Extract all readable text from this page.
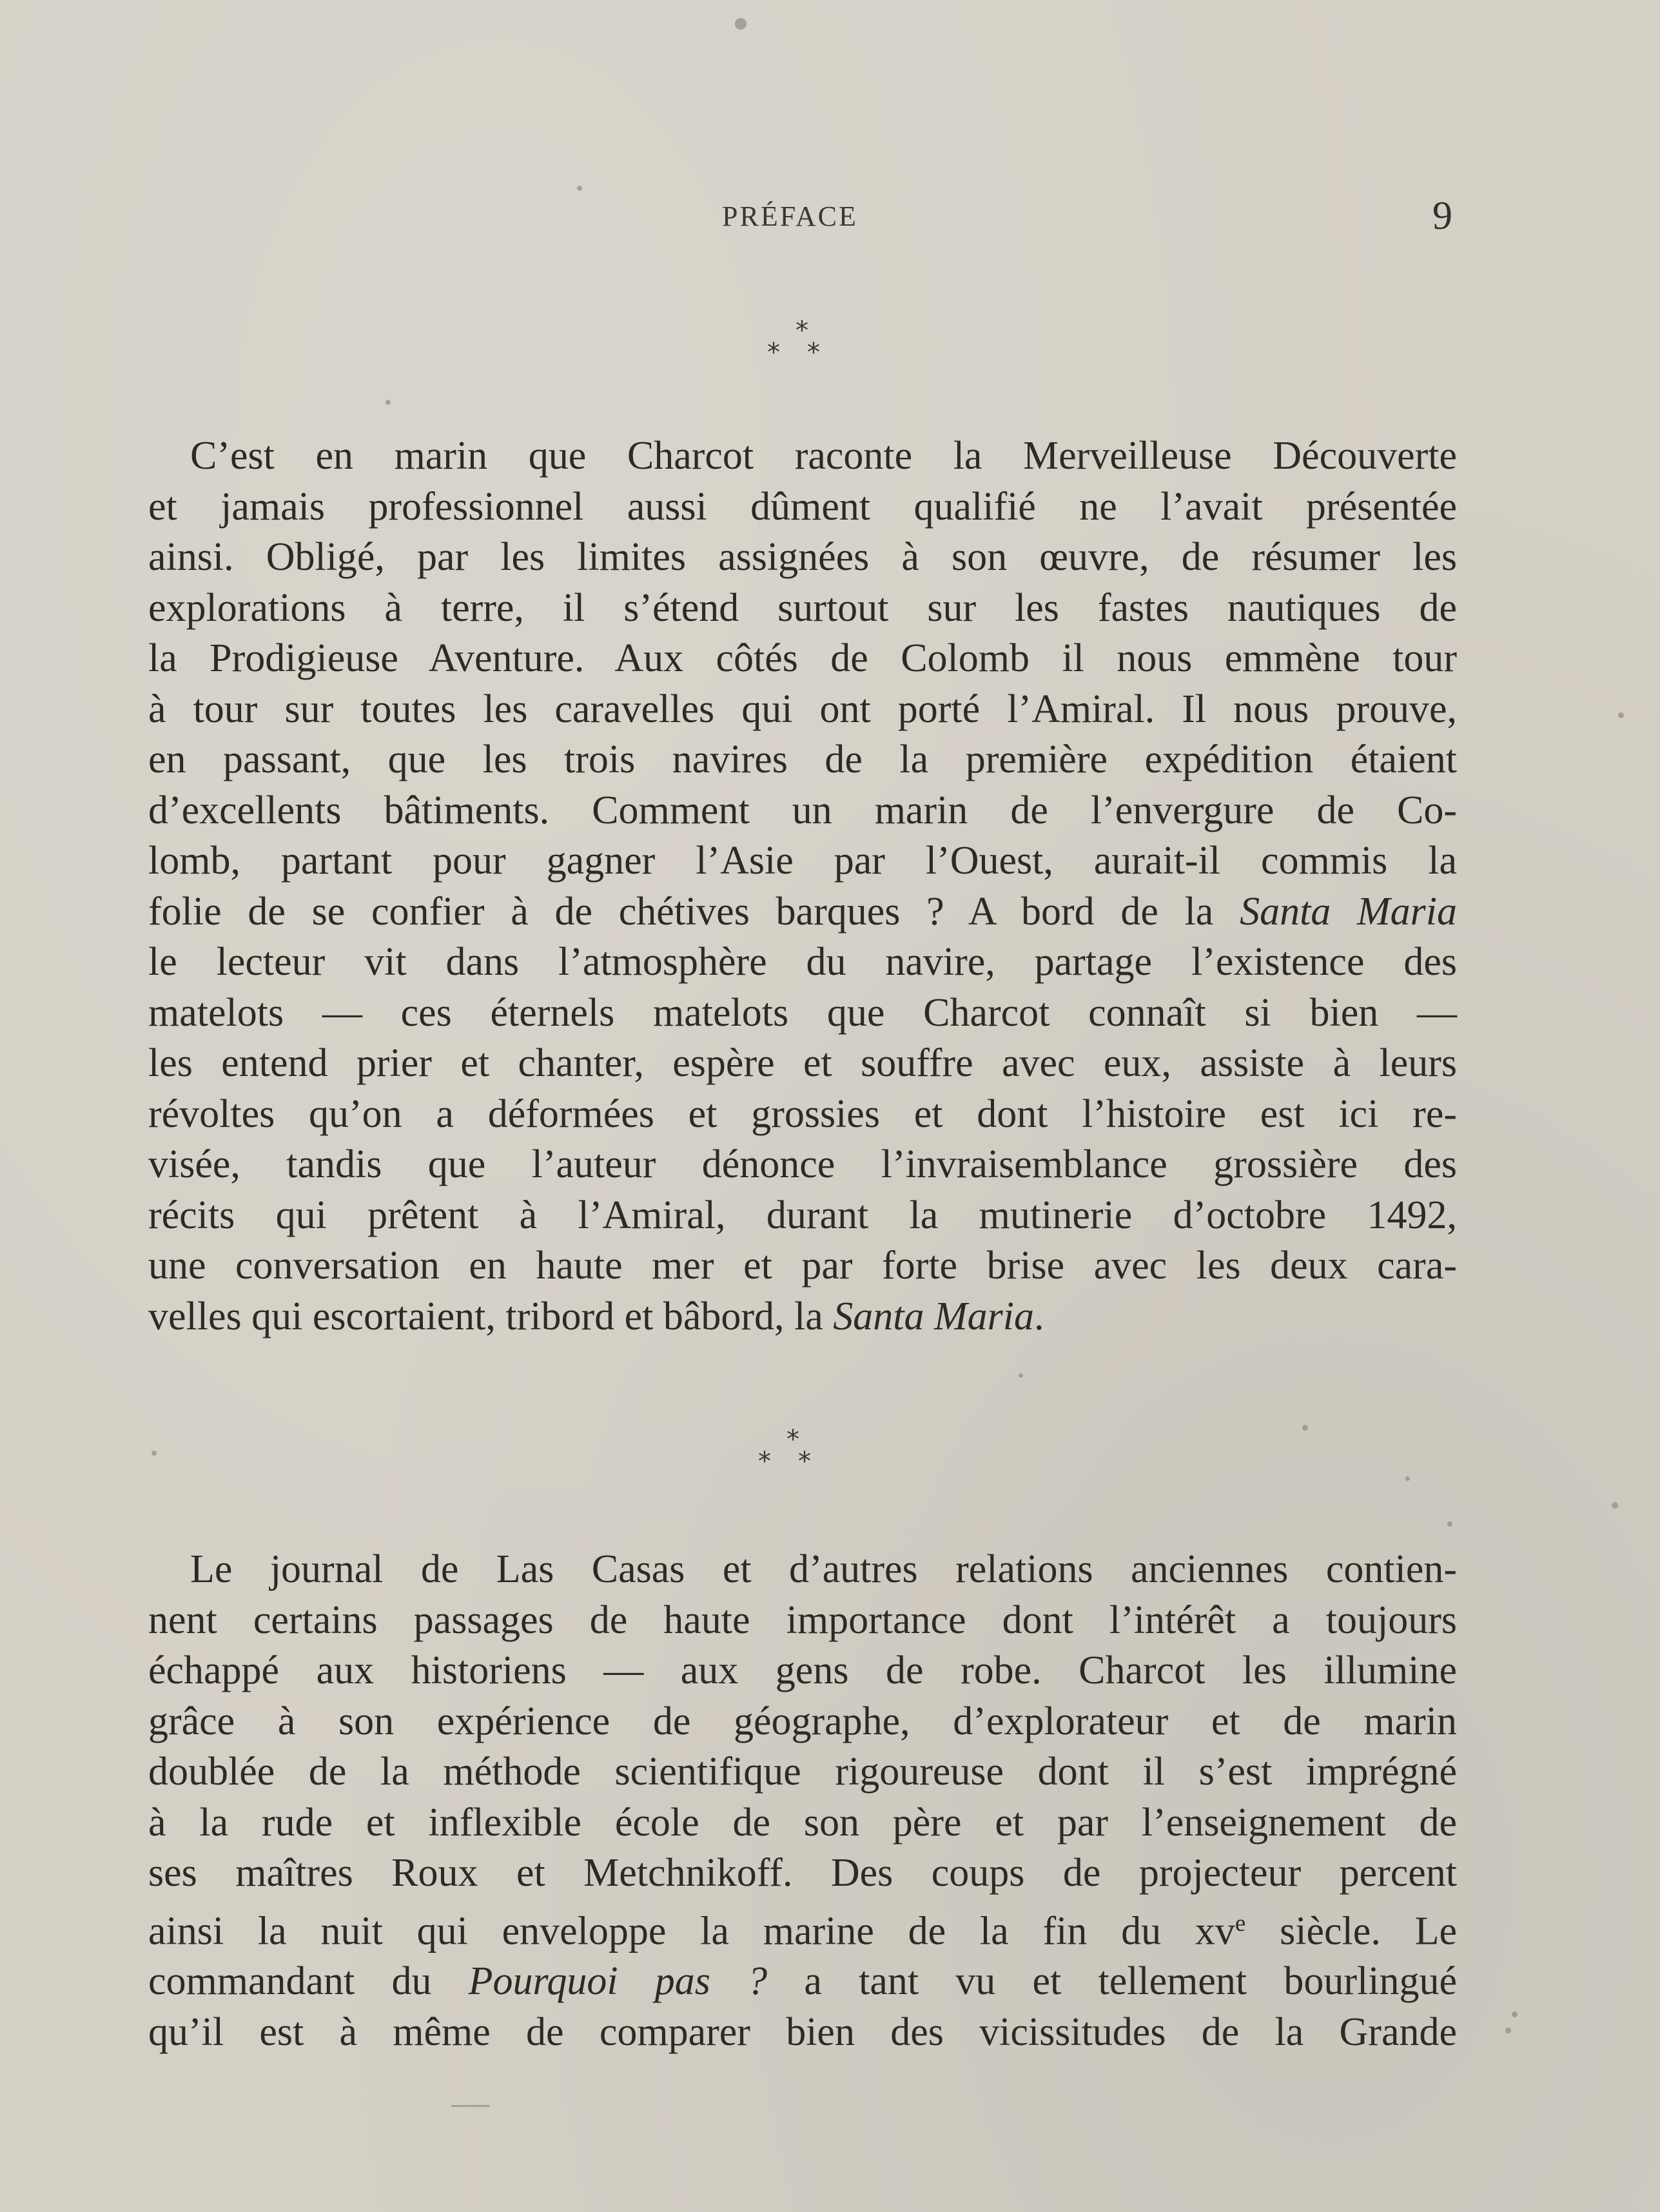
PRÉFACE	9
*
* *
C’est en marin que Charcot raconte la Merveilleuse Découverte
et jamais professionnel aussi dûment qualifié ne l’avait présentée
ainsi. Obligé, par les limites assignées à son œuvre, de résumer les
explorations à terre, il s’étend surtout sur les fastes nautiques de
la Prodigieuse Aventure. Aux côtés de Colomb il nous emmène tour
à tour sur toutes les caravelles qui ont porté l’Amiral. Il nous prouve,
en passant, que les trois navires de la première expédition étaient
d’excellents bâtiments. Comment un marin de l’envergure de Co-
lomb, partant pour gagner l’Asie par l’Ouest, aurait-il commis la
folie de se confier à de chétives barques ? A bord de la Santa Maria
le lecteur vit dans l’atmosphère du navire, partage l’existence des
matelots — ces éternels matelots que Charcot connaît si bien —
les entend prier et chanter, espère et souffre avec eux, assiste à leurs
révoltes qu’on a déformées et grossies et dont l’histoire est ici re-
visée, tandis que l’auteur dénonce l’invraisemblance grossière des
récits qui prêtent à l’Amiral, durant la mutinerie d’octobre 1492,
une conversation en haute mer et par forte brise avec les deux cara-
velles qui escortaient, tribord et bâbord, la Santa Maria.
*
* *
Le journal de Las Casas et d’autres relations anciennes contien-
nent certains passages de haute importance dont l’intérêt a toujours
échappé aux historiens — aux gens de robe. Charcot les illumine
grâce à son expérience de géographe, d’explorateur et de marin
doublée de la méthode scientifique rigoureuse dont il s’est imprégné
à la rude et inflexible école de son père et par l’enseignement de
ses maîtres Roux et Metchnikoff. Des coups de projecteur percent
ainsi la nuit qui enveloppe la marine de la fin du $xv^e$ siècle. Le
commandant du Pourquoi pas ? a tant vu et tellement bourlingué
qu’il est à même de comparer bien des vicissitudes de la Grande
